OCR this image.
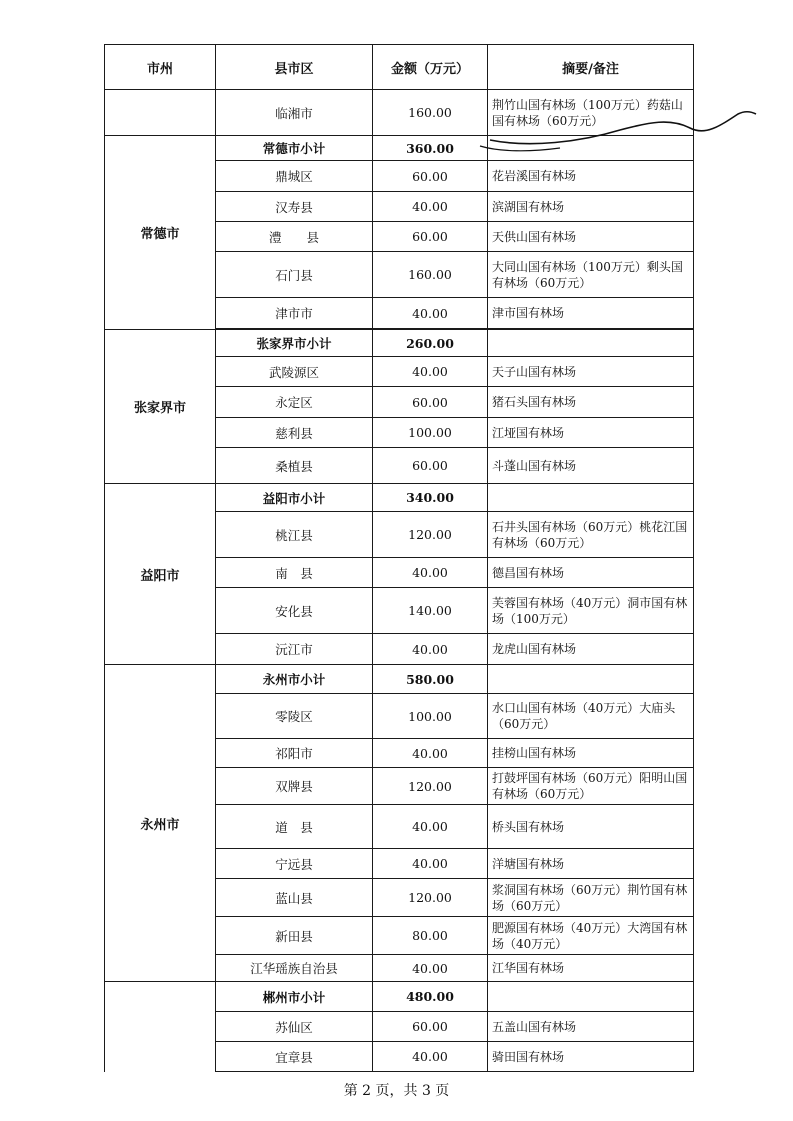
市州	县市区	金额（万元）	摘要/备注
	临湘市	160.00	荆竹山国有林场（100万元）药菇山国有林场（60万元）
常德市	常德市小计	360.00	
	鼎城区	60.00	花岩溪国有林场
	汉寿县	40.00	滨湖国有林场
	澧　　县	60.00	天供山国有林场
	石门县	160.00	大同山国有林场（100万元）剩头国有林场（60万元）
	津市市	40.00	津市国有林场

张家界市	张家界市小计	260.00	
	武陵源区	40.00	天子山国有林场
	永定区	60.00	猪石头国有林场
	慈利县	100.00	江垭国有林场
	桑植县	60.00	斗蓬山国有林场
益阳市	益阳市小计	340.00	
	桃江县	120.00	石井头国有林场（60万元）桃花江国有林场（60万元）
	南　县	40.00	德昌国有林场
	安化县	140.00	芙蓉国有林场（40万元）洞市国有林场（100万元）
	沅江市	40.00	龙虎山国有林场
永州市	永州市小计	580.00	
	零陵区	100.00	水口山国有林场（40万元）大庙头（60万元）
	祁阳市	40.00	挂榜山国有林场
	双牌县	120.00	打鼓坪国有林场（60万元）阳明山国有林场（60万元）
	道　县	40.00	桥头国有林场
	宁远县	40.00	洋塘国有林场
	蓝山县	120.00	浆洞国有林场（60万元）荆竹国有林场（60万元）
	新田县	80.00	肥源国有林场（40万元）大湾国有林场（40万元）
	江华瑶族自治县	40.00	江华国有林场
	郴州市小计	480.00	
	苏仙区	60.00	五盖山国有林场
	宜章县	40.00	骑田国有林场
第 2 页，共 3 页
